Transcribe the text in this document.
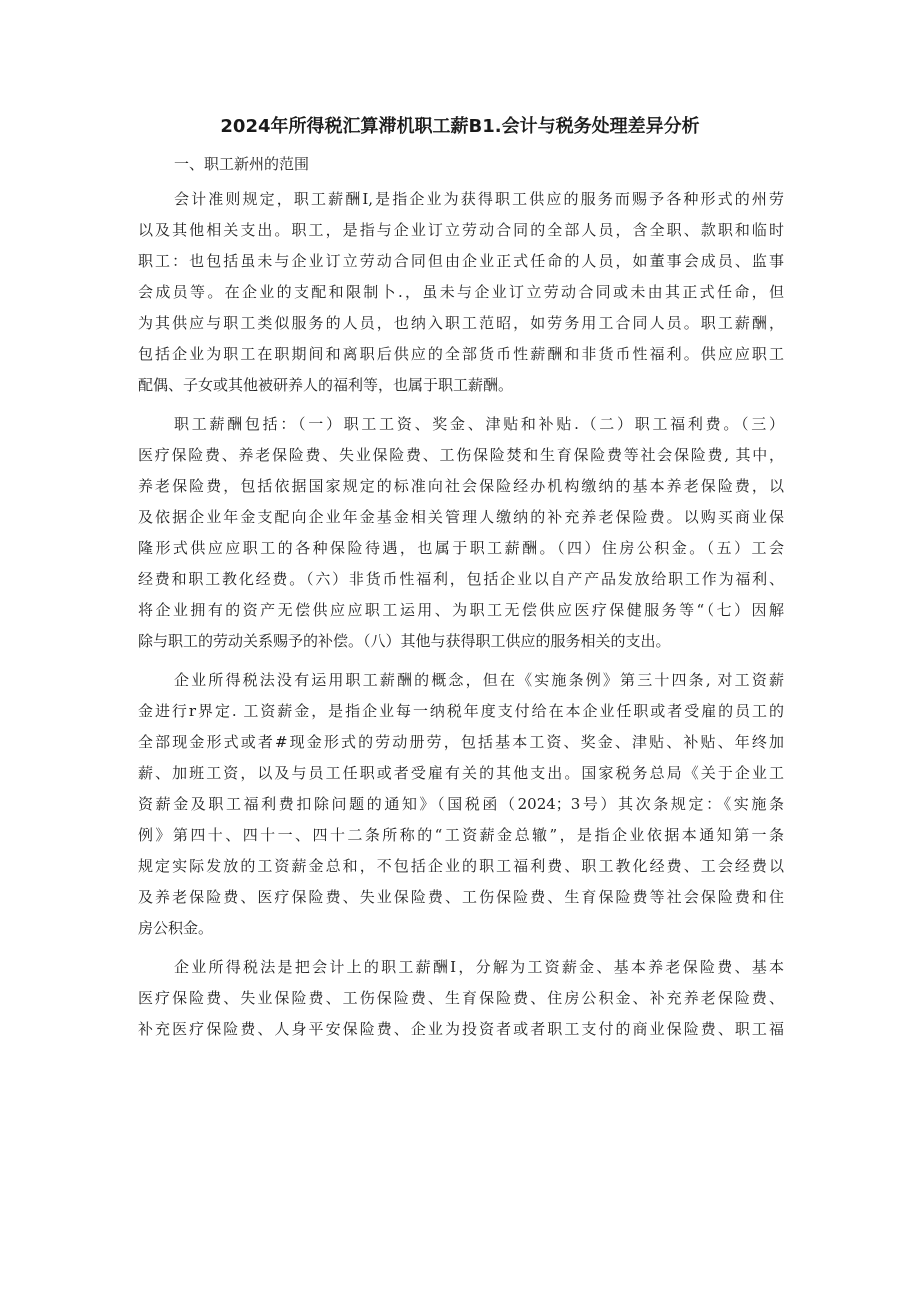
2024年所得税汇算滞机职工薪B1.会计与税务处理差异分析

一、职工新州的范围

会计准则规定，职工薪酬I,是指企业为获得职工供应的服务而赐予各种形式的州劳
以及其他相关支出。职工，是指与企业订立劳动合同的全部人员，含全职、款职和临时
职工：也包括虽未与企业订立劳动合同但由企业正式任命的人员，如董事会成员、监事
会成员等。在企业的支配和限制卜.，虽未与企业订立劳动合同或未由其正式任命，但
为其供应与职工类似服务的人员，也纳入职工范昭，如劳务用工合同人员。职工薪酬，
包括企业为职工在职期间和离职后供应的全部货币性薪酬和非货币性福利。供应应职工
配偶、子女或其他被研养人的福利等，也属于职工薪酬。

职工薪酬包括：（一）职工工资、奖金、津贴和补贴.（二）职工福利费。（三）
医疗保险费、养老保险费、失业保险费、工伤保险焚和生育保险费等社会保险费, 其中，
养老保险费，包括依据国家规定的标准向社会保险经办机构缴纳的基本养老保险费，以
及依据企业年金支配向企业年金基金相关管理人缴纳的补充养老保险费。以购买商业保
隆形式供应应职工的各种保险待遇，也属于职工薪酬。（四）住房公积金。（五）工会
经费和职工教化经费。（六）非货币性福利，包括企业以自产产品发放给职工作为福利、
将企业拥有的资产无偿供应应职工运用、为职工无偿供应医疗保健服务等“（七）因解
除与职工的劳动关系赐予的补偿。（八）其他与获得职工供应的服务相关的支出。

企业所得税法没有运用职工薪酬的概念，但在《实施条例》第三十四条, 对工资薪
金进行r界定. 工资薪金，是指企业每一纳税年度支付给在本企业任职或者受雇的员工的
全部现金形式或者#现金形式的劳动册劳，包括基本工资、奖金、津贴、补贴、年终加
薪、加班工资，以及与员工任职或者受雇有关的其他支出。国家税务总局《关于企业工
资薪金及职工福利费扣除问题的通知》（国税函（2024；3号）其次条规定：《实施条
例》第四十、四十一、四十二条所称的“工资薪金总辙”，是指企业依据本通知第一条
规定实际发放的工资薪金总和，不包括企业的职工福利费、职工教化经费、工会经费以
及养老保险费、医疗保险费、失业保险费、工伤保险费、生育保险费等社会保险费和住
房公积金。

企业所得税法是把会计上的职工薪酬I，分解为工资薪金、基本养老保险费、基本
医疗保险费、失业保险费、工伤保险费、生育保险费、住房公积金、补充养老保险费、
补充医疗保险费、人身平安保险费、企业为投资者或者职工支付的商业保险费、职工福
